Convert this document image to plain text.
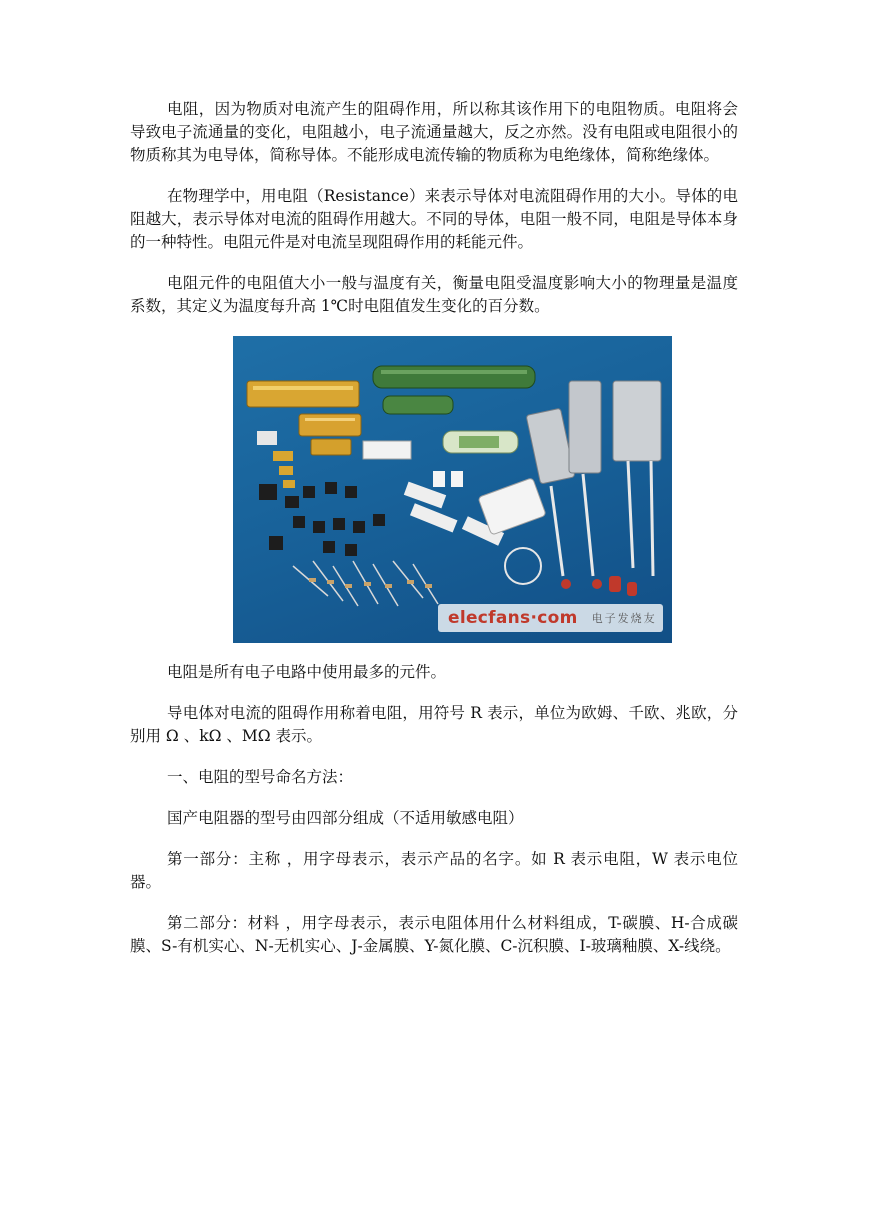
电阻，因为物质对电流产生的阻碍作用，所以称其该作用下的电阻物质。电阻将会导致电子流通量的变化，电阻越小，电子流通量越大，反之亦然。没有电阻或电阻很小的物质称其为电导体，简称导体。不能形成电流传输的物质称为电绝缘体，简称绝缘体。

在物理学中，用电阻（Resistance）来表示导体对电流阻碍作用的大小。导体的电阻越大，表示导体对电流的阻碍作用越大。不同的导体，电阻一般不同，电阻是导体本身的一种特性。电阻元件是对电流呈现阻碍作用的耗能元件。

电阻元件的电阻值大小一般与温度有关，衡量电阻受温度影响大小的物理量是温度系数，其定义为温度每升高 1℃时电阻值发生变化的百分数。

elecfans·com 电子发烧友

电阻是所有电子电路中使用最多的元件。

导电体对电流的阻碍作用称着电阻，用符号 R 表示，单位为欧姆、千欧、兆欧，分别用 Ω 、kΩ 、MΩ 表示。

一、电阻的型号命名方法：

国产电阻器的型号由四部分组成（不适用敏感电阻）

第一部分：主称 ，用字母表示，表示产品的名字。如 R 表示电阻，W 表示电位器。

第二部分：材料 ，用字母表示，表示电阻体用什么材料组成，T-碳膜、H-合成碳膜、S-有机实心、N-无机实心、J-金属膜、Y-氮化膜、C-沉积膜、I-玻璃釉膜、X-线绕。
